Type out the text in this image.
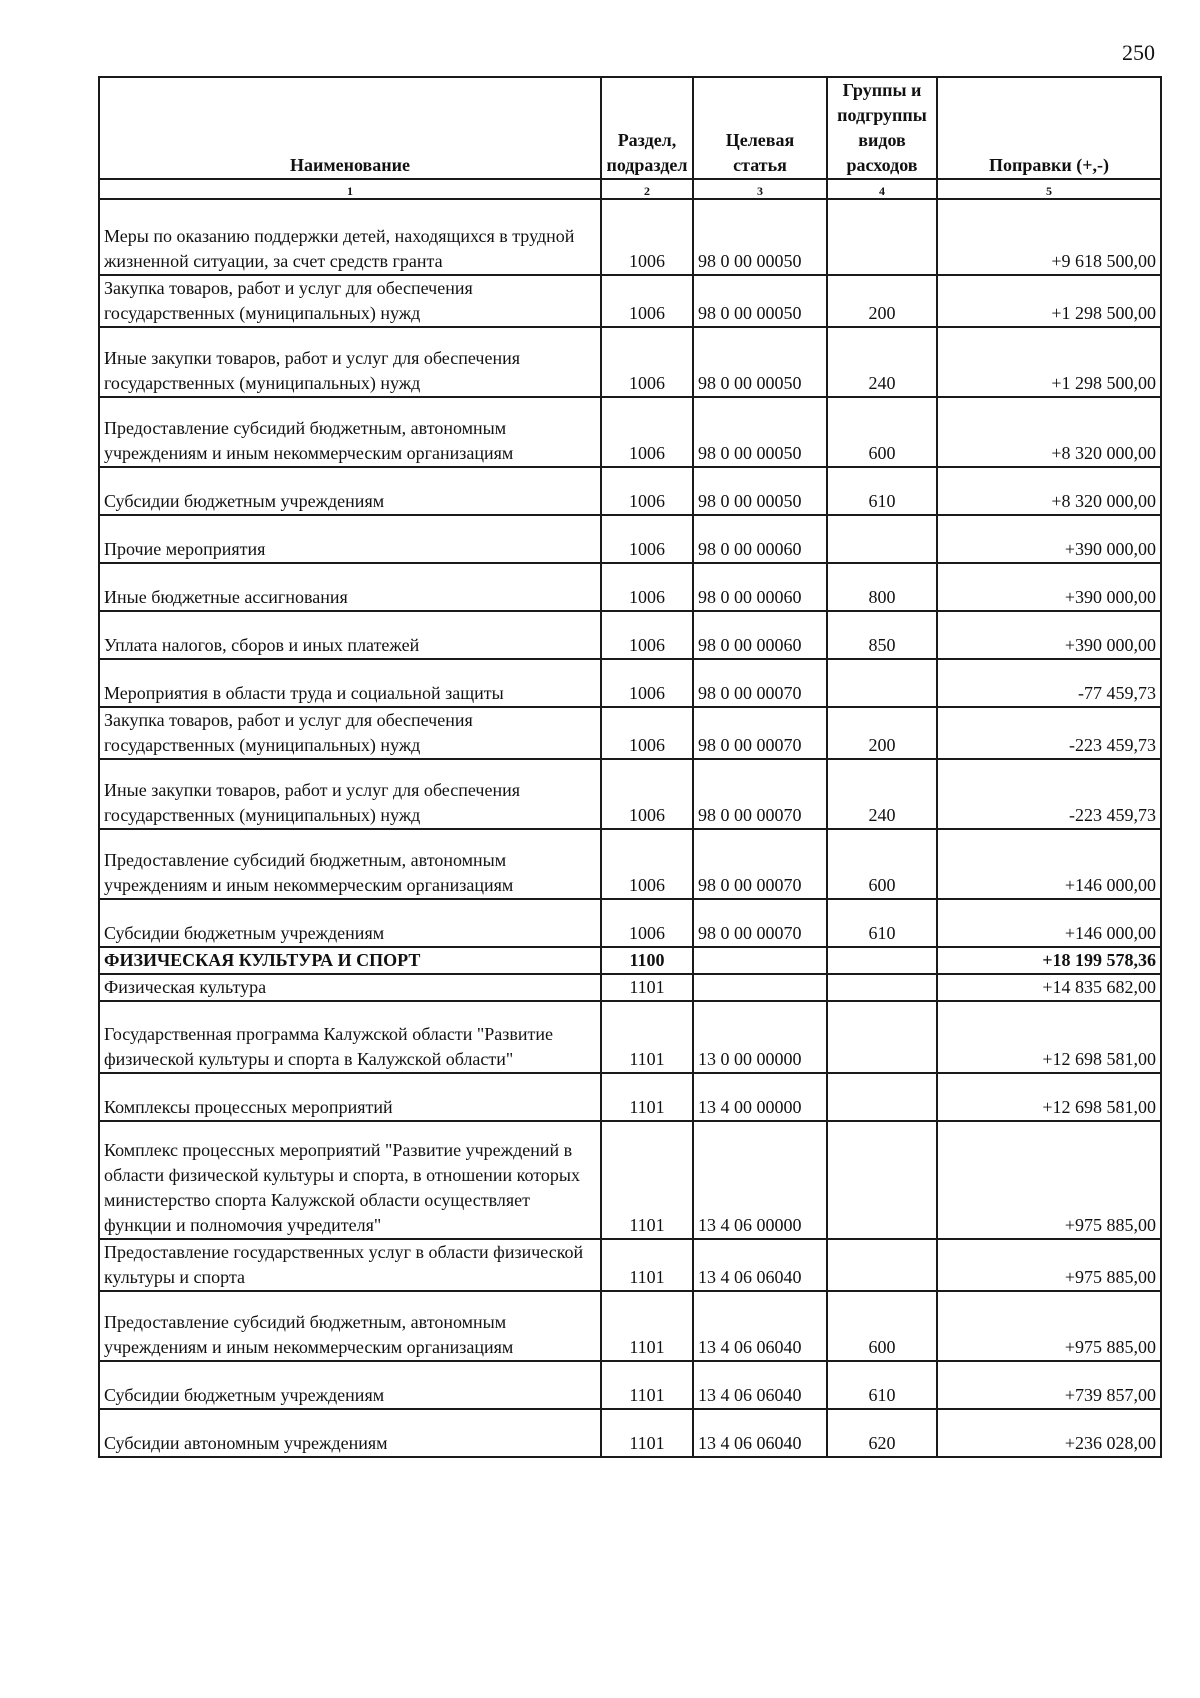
250
Наименование	Раздел, подраздел	Целевая статья	Группы и подгруппы видов расходов	Поправки (+,-)
1	2	3	4	5
Меры по оказанию поддержки детей, находящихся в трудной жизненной ситуации, за счет средств гранта	1006	98 0 00 00050		+9 618 500,00
Закупка товаров, работ и услуг для обеспечения государственных (муниципальных) нужд	1006	98 0 00 00050	200	+1 298 500,00
Иные закупки товаров, работ и услуг для обеспечения государственных (муниципальных) нужд	1006	98 0 00 00050	240	+1 298 500,00
Предоставление субсидий бюджетным, автономным учреждениям и иным некоммерческим организациям	1006	98 0 00 00050	600	+8 320 000,00
Субсидии бюджетным учреждениям	1006	98 0 00 00050	610	+8 320 000,00
Прочие мероприятия	1006	98 0 00 00060		+390 000,00
Иные бюджетные ассигнования	1006	98 0 00 00060	800	+390 000,00
Уплата налогов, сборов и иных платежей	1006	98 0 00 00060	850	+390 000,00
Мероприятия в области труда и социальной защиты	1006	98 0 00 00070		-77 459,73
Закупка товаров, работ и услуг для обеспечения государственных (муниципальных) нужд	1006	98 0 00 00070	200	-223 459,73
Иные закупки товаров, работ и услуг для обеспечения государственных (муниципальных) нужд	1006	98 0 00 00070	240	-223 459,73
Предоставление субсидий бюджетным, автономным учреждениям и иным некоммерческим организациям	1006	98 0 00 00070	600	+146 000,00
Субсидии бюджетным учреждениям	1006	98 0 00 00070	610	+146 000,00
ФИЗИЧЕСКАЯ КУЛЬТУРА И СПОРТ	1100			+18 199 578,36
Физическая культура	1101			+14 835 682,00
Государственная программа Калужской области "Развитие физической культуры и спорта в Калужской области"	1101	13 0 00 00000		+12 698 581,00
Комплексы процессных мероприятий	1101	13 4 00 00000		+12 698 581,00
Комплекс процессных мероприятий "Развитие учреждений в области физической культуры и спорта, в отношении которых министерство спорта Калужской области осуществляет функции и полномочия учредителя"	1101	13 4 06 00000		+975 885,00
Предоставление государственных услуг в области физической культуры и спорта	1101	13 4 06 06040		+975 885,00
Предоставление субсидий бюджетным, автономным учреждениям и иным некоммерческим организациям	1101	13 4 06 06040	600	+975 885,00
Субсидии бюджетным учреждениям	1101	13 4 06 06040	610	+739 857,00
Субсидии автономным учреждениям	1101	13 4 06 06040	620	+236 028,00
